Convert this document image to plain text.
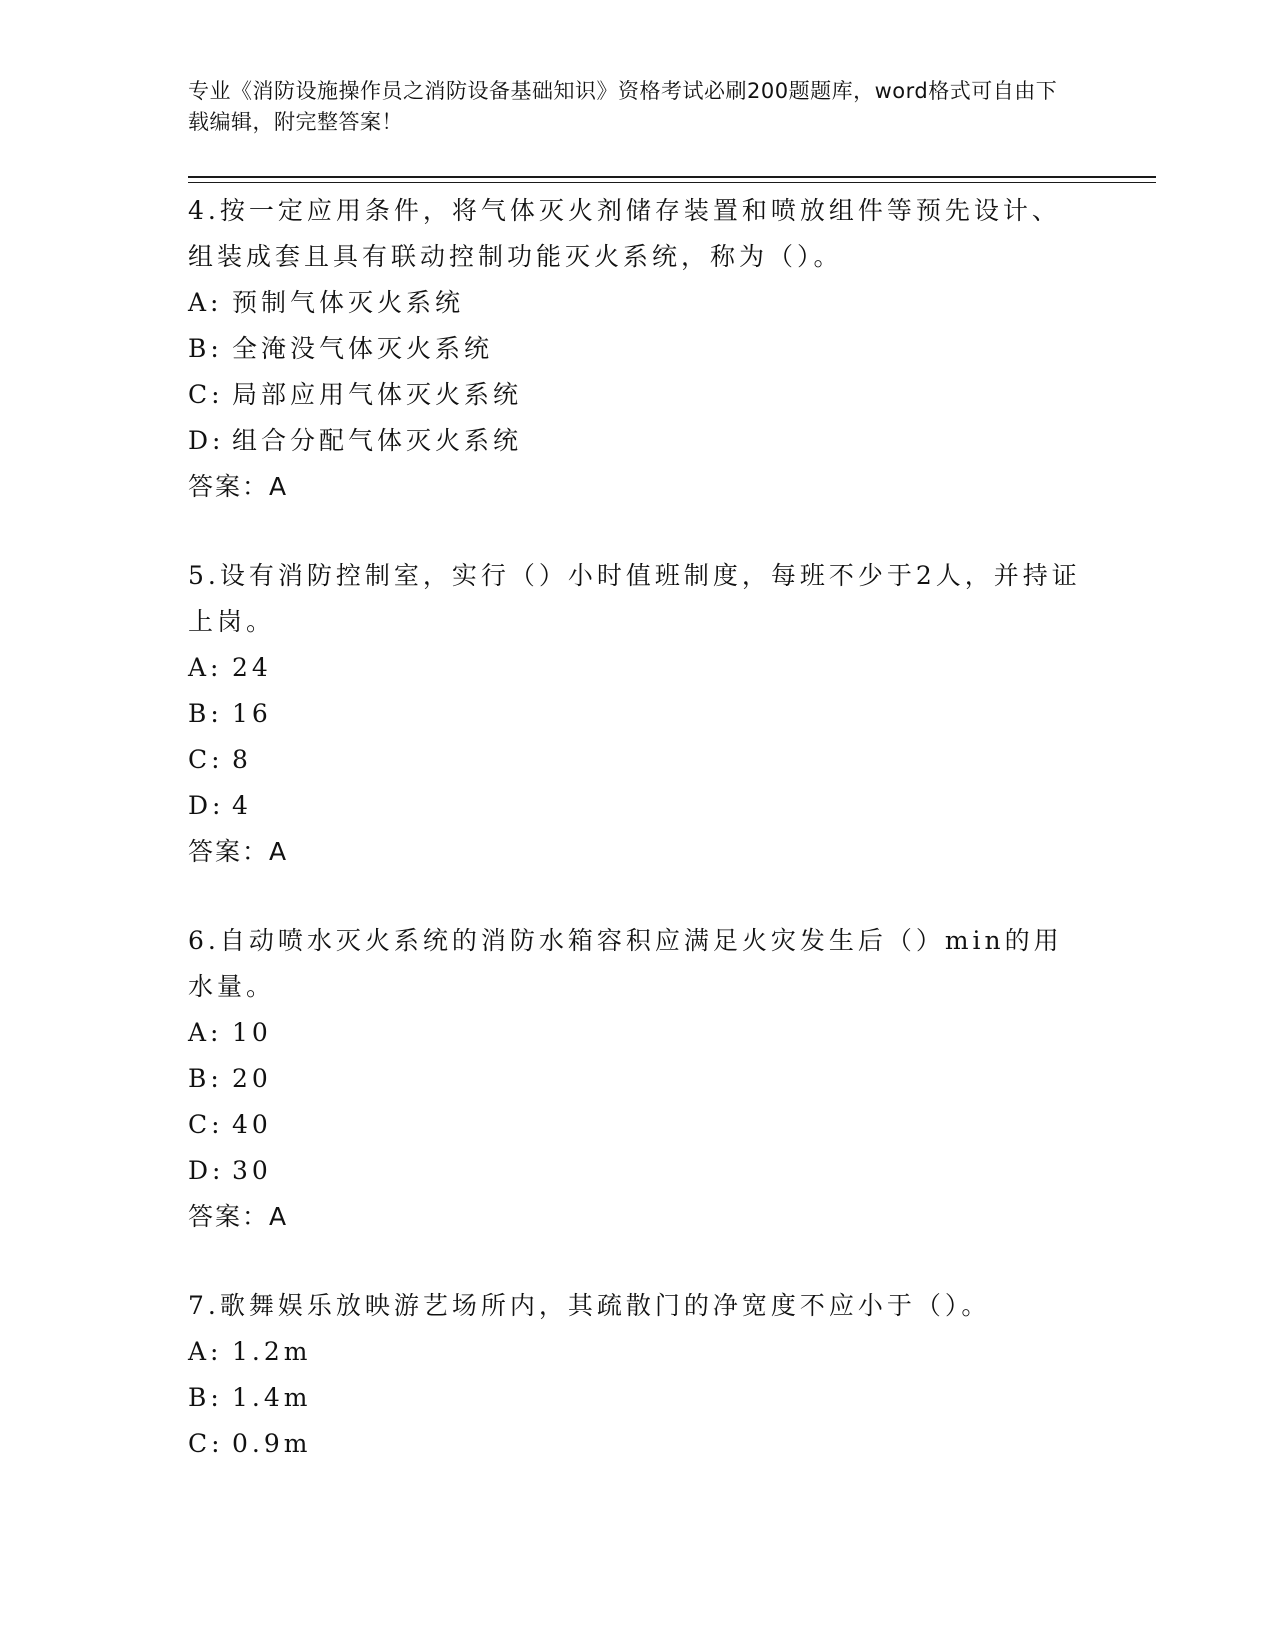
专业《消防设施操作员之消防设备基础知识》资格考试必刷200题题库，word格式可自由下载编辑，附完整答案！

4.按一定应用条件，将气体灭火剂储存装置和喷放组件等预先设计、组装成套且具有联动控制功能灭火系统，称为（）。

A: 预制气体灭火系统

B: 全淹没气体灭火系统

C: 局部应用气体灭火系统

D: 组合分配气体灭火系统

答案：A

5.设有消防控制室，实行（）小时值班制度，每班不少于2人，并持证上岗。

A: 24

B: 16

C: 8

D: 4

答案：A

6.自动喷水灭火系统的消防水箱容积应满足火灾发生后（）min的用水量。

A: 10

B: 20

C: 40

D: 30

答案：A

7.歌舞娱乐放映游艺场所内，其疏散门的净宽度不应小于（）。

A: 1.2m

B: 1.4m

C: 0.9m
